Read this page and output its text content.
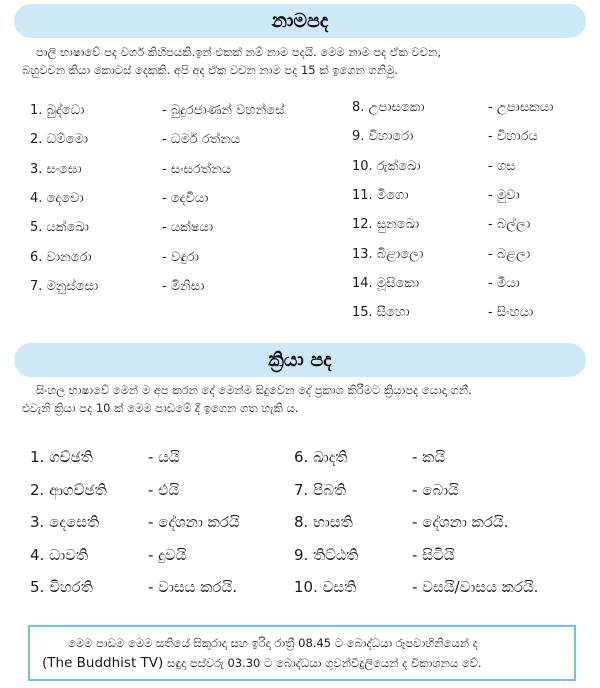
නාමපද

පාලි භාෂාවේ පද වර්ග කිහිපයකි.ඉන් එකක් නම් නාම පදයි. මෙම නාම පද ඒක වචන,

බහුවචන කියා කොටස් දෙකකි. අපි අද ඒක වචන නාම පද 15 ක් ඉගෙන ගනිමු.

1. බුද්ධො	- බුදුරජාණන් වහන්සේ
2. ධම්මො	- ධර්ම රත්නය
3. සංඝො	- සංඝරත්නය
4. දෙවො	- දෙවියා
5. යක්ඛො	- යක්ෂයා
6. වානරො	- වඳුරා
7. මනුස්සො	- මිනිසා
8. උපාසකො	- උපාසකයා
9. විහාරො	- විහාරය
10. රුක්ඛො	- ගස
11. මිගො	- මුවා
12. සුනඛො	- බල්ලා
13. බිළාලො	- බළලා
14. මූසිකො	- මීයා
15. සීහො	- සිංහයා
ක්‍රියා පද

සිංහල භාෂාවේ මෙන් ම අප කරන දේ මෙන්ම සිදුවෙන දේ ප්‍රකාශ කිරීමට ක්‍රියාපද යොදා ගනී.

එවැනි ක්‍රියා පද 10 ක් මෙම පාඩමේ දී ඉගෙන ගත හැකි ය.

1. ගච්ඡති	- යයි
2. ආගච්ඡති	- එයි
3. දෙසෙති	- දේශනා කරයි
4. ධාවති	- දුවයි
5. විහරති	- වාසය කරයි.
6. ඛාදති	- කයි
7. පිබති	- බොයි
8. භාසති	- දේශනා කරයි.
9. තිට්ඨති	- සිටියි
10. වසති	- වසයි/වාසය කරයි.

මෙම පාඩම මෙම සතියේ සිකුරාදා සහ ඉරිදා රාත්‍රී 08.45 ට බොද්ධයා රූපවාහිනියෙන් ද

(The Buddhist TV) සඳුදා පස්වරු 03.30 ට බොද්ධයා ගුවන්විදුලියෙන් ද විකාශනය වේ.
